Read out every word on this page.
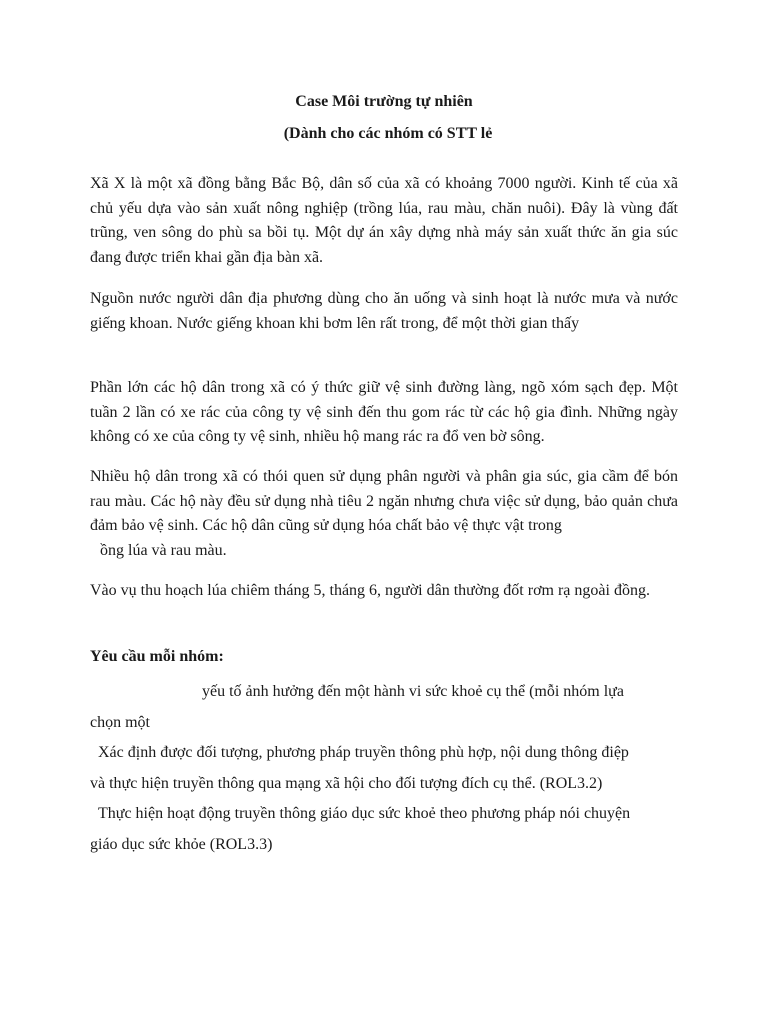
Case Môi trường tự nhiên

(Dành cho các nhóm có STT lẻ

Xã X là một xã đồng bằng Bắc Bộ, dân số của xã có khoảng 7000 người. Kinh tế của xã chủ yếu dựa vào sản xuất nông nghiệp (trồng lúa, rau màu, chăn nuôi). Đây là vùng đất trũng, ven sông do phù sa bồi tụ. Một dự án xây dựng nhà máy sản xuất thức ăn gia súc đang được triển khai gần địa bàn xã.

Nguồn nước người dân địa phương dùng cho ăn uống và sinh hoạt là nước mưa và nước giếng khoan. Nước giếng khoan khi bơm lên rất trong, để một thời gian thấy

Phần lớn các hộ dân trong xã có ý thức giữ vệ sinh đường làng, ngõ xóm sạch đẹp. Một tuần 2 lần có xe rác của công ty vệ sinh đến thu gom rác từ các hộ gia đình. Những ngày không có xe của công ty vệ sinh, nhiều hộ mang rác ra đổ ven bờ sông.

Nhiều hộ dân trong xã có thói quen sử dụng phân người và phân gia súc, gia cầm để bón rau màu. Các hộ này đều sử dụng nhà tiêu 2 ngăn nhưng chưa việc sử dụng, bảo quản chưa đảm bảo vệ sinh. Các hộ dân cũng sử dụng hóa chất bảo vệ thực vật trong
ồng lúa và rau màu.

Vào vụ thu hoạch lúa chiêm tháng 5, tháng 6, người dân thường đốt rơm rạ ngoài đồng.

Yêu cầu mỗi nhóm:

yếu tố ảnh hưởng đến một hành vi sức khoẻ cụ thể (mỗi nhóm lựa
chọn một

Xác định được đối tượng, phương pháp truyền thông phù hợp, nội dung thông điệp
và thực hiện truyền thông qua mạng xã hội cho đối tượng đích cụ thể. (ROL3.2)

Thực hiện hoạt động truyền thông giáo dục sức khoẻ theo phương pháp nói chuyện
giáo dục sức khỏe (ROL3.3)
